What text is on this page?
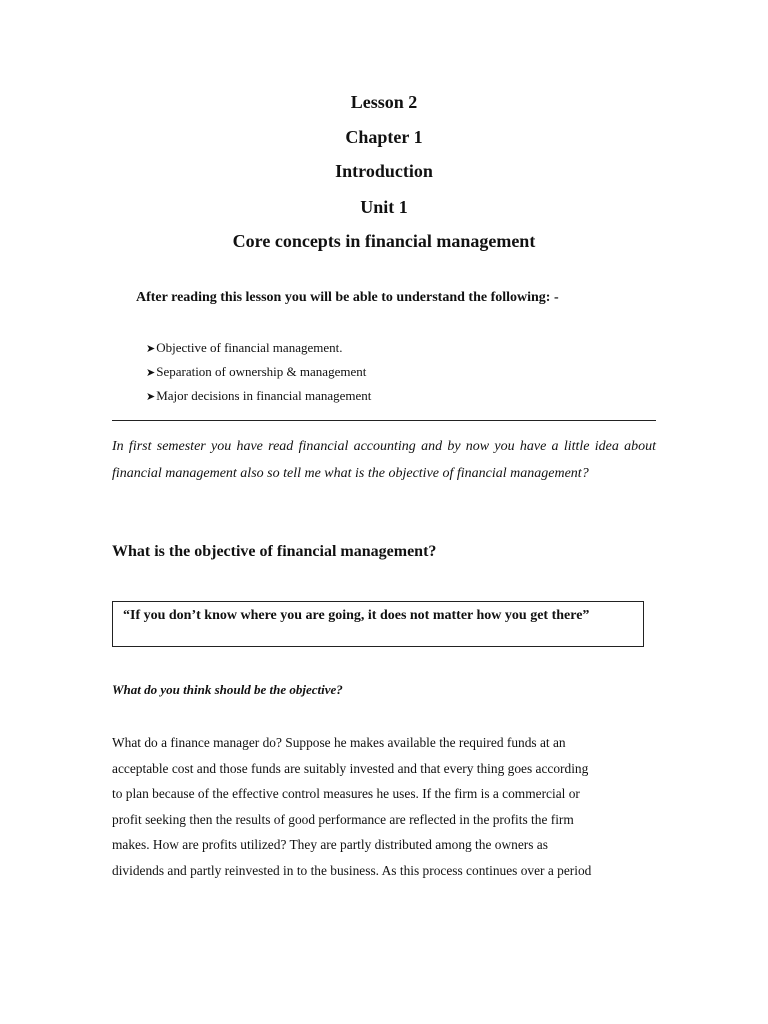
Lesson 2
Chapter 1
Introduction
Unit 1
Core concepts in financial management
After reading this lesson you will be able to understand the following: -
➤Objective of financial management.
➤Separation of ownership & management
➤Major decisions in financial management
In first semester you have read financial accounting and by now you have a little idea about financial management also so tell me what is the objective of financial management?
What is the objective of financial management?
“If you don’t know where you are going, it does not matter how you get there”
What do you think should be the objective?
What do a finance manager do? Suppose he makes available the required funds at an
acceptable cost and those funds are suitably invested and that every thing goes according
to plan because of the effective control measures he uses. If the firm is a commercial or
profit seeking then the results of good performance are reflected in the profits the firm
makes. How are profits utilized? They are partly distributed among the owners as
dividends and partly reinvested in to the business. As this process continues over a period
